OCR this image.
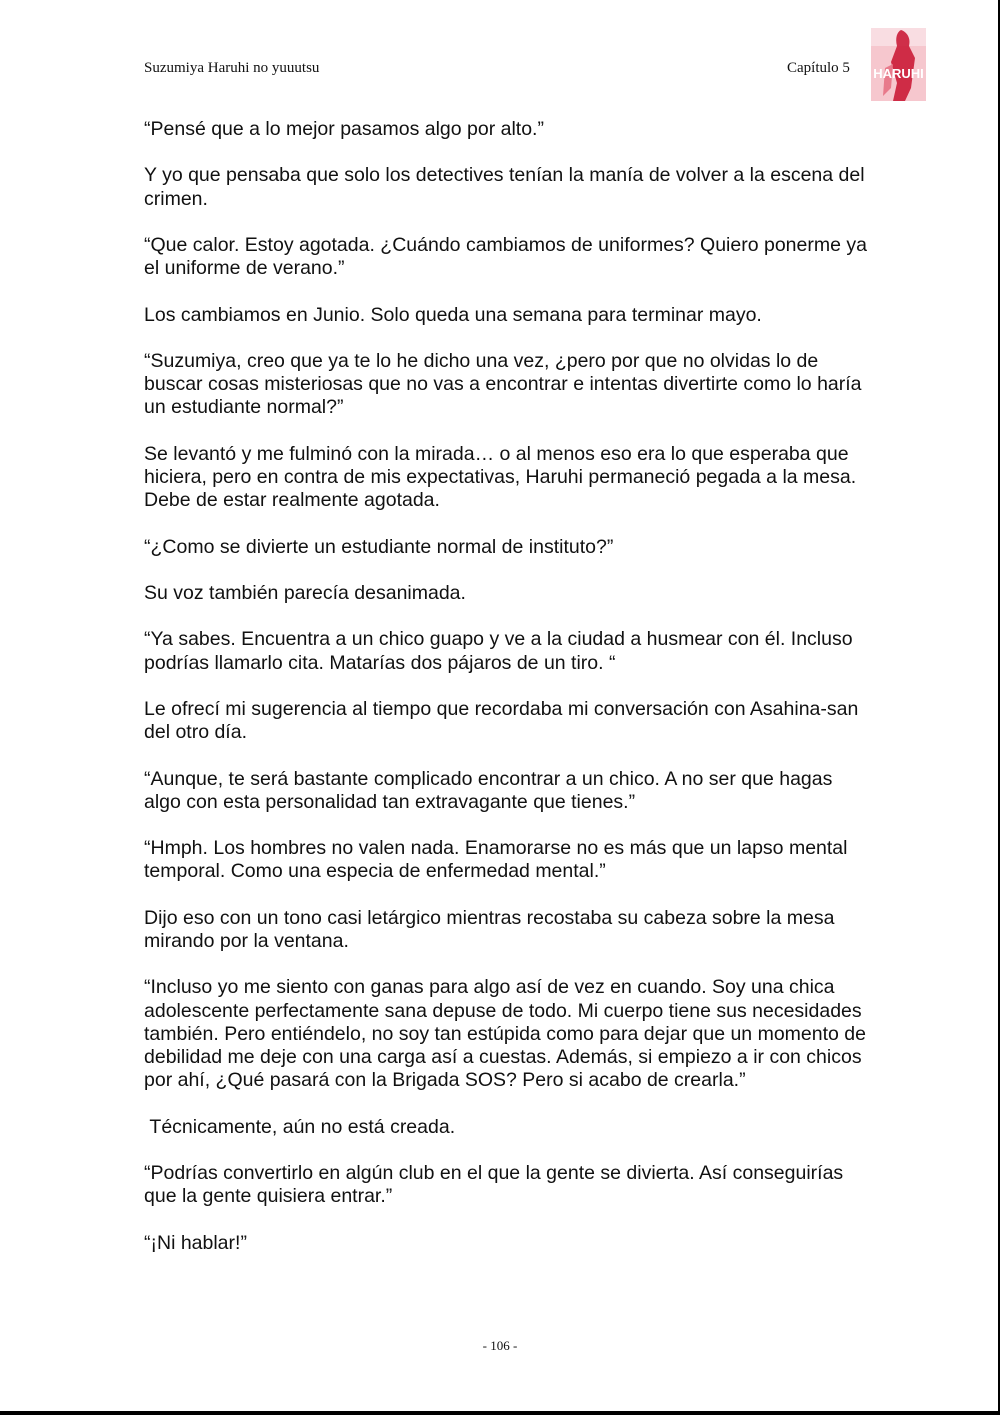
Suzumiya Haruhi no yuuutsu	Capítulo 5 HARUHI

“Pensé que a lo mejor pasamos algo por alto.”

Y yo que pensaba que solo los detectives tenían la manía de volver a la escena del crimen.

“Que calor. Estoy agotada. ¿Cuándo cambiamos de uniformes? Quiero ponerme ya el uniforme de verano.”

Los cambiamos en Junio. Solo queda una semana para terminar mayo.

“Suzumiya, creo que ya te lo he dicho una vez, ¿pero por que no olvidas lo de buscar cosas misteriosas que no vas a encontrar e intentas divertirte como lo haría un estudiante normal?”

Se levantó y me fulminó con la mirada… o al menos eso era lo que esperaba que hiciera, pero en contra de mis expectativas, Haruhi permaneció pegada a la mesa. Debe de estar realmente agotada.

“¿Como se divierte un estudiante normal de instituto?”

Su voz también parecía desanimada.

“Ya sabes. Encuentra a un chico guapo y ve a la ciudad a husmear con él. Incluso podrías llamarlo cita. Matarías dos pájaros de un tiro. “

Le ofrecí mi sugerencia al tiempo que recordaba mi conversación con Asahina-san del otro día.

“Aunque, te será bastante complicado encontrar a un chico. A no ser que hagas algo con esta personalidad tan extravagante que tienes.”

“Hmph. Los hombres no valen nada. Enamorarse no es más que un lapso mental temporal. Como una especia de enfermedad mental.”

Dijo eso con un tono casi letárgico mientras recostaba su cabeza sobre la mesa mirando por la ventana.

“Incluso yo me siento con ganas para algo así de vez en cuando. Soy una chica adolescente perfectamente sana depuse de todo. Mi cuerpo tiene sus necesidades también. Pero entiéndelo, no soy tan estúpida como para dejar que un momento de debilidad me deje con una carga así a cuestas. Además, si empiezo a ir con chicos por ahí, ¿Qué pasará con la Brigada SOS? Pero si acabo de crearla.”

Técnicamente, aún no está creada.

“Podrías convertirlo en algún club en el que la gente se divierta. Así conseguirías que la gente quisiera entrar.”

“¡Ni hablar!”

- 106 -
